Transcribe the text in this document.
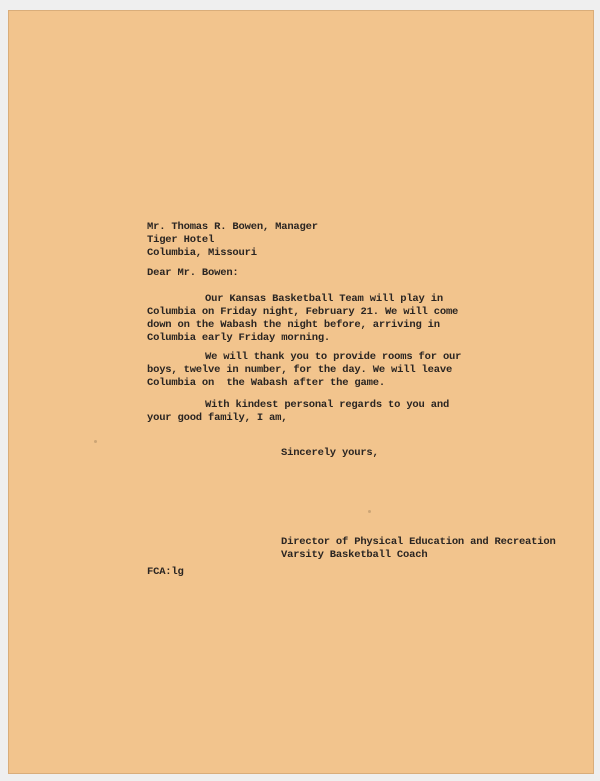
Mr. Thomas R. Bowen, Manager
Tiger Hotel
Columbia, Missouri
Dear Mr. Bowen:
Our Kansas Basketball Team will play in
Columbia on Friday night, February 21. We will come
down on the Wabash the night before, arriving in
Columbia early Friday morning.
We will thank you to provide rooms for our
boys, twelve in number, for the day. We will leave
Columbia on  the Wabash after the game.
With kindest personal regards to you and
your good family, I am,
Sincerely yours,
Director of Physical Education and Recreation
Varsity Basketball Coach
FCA:lg
